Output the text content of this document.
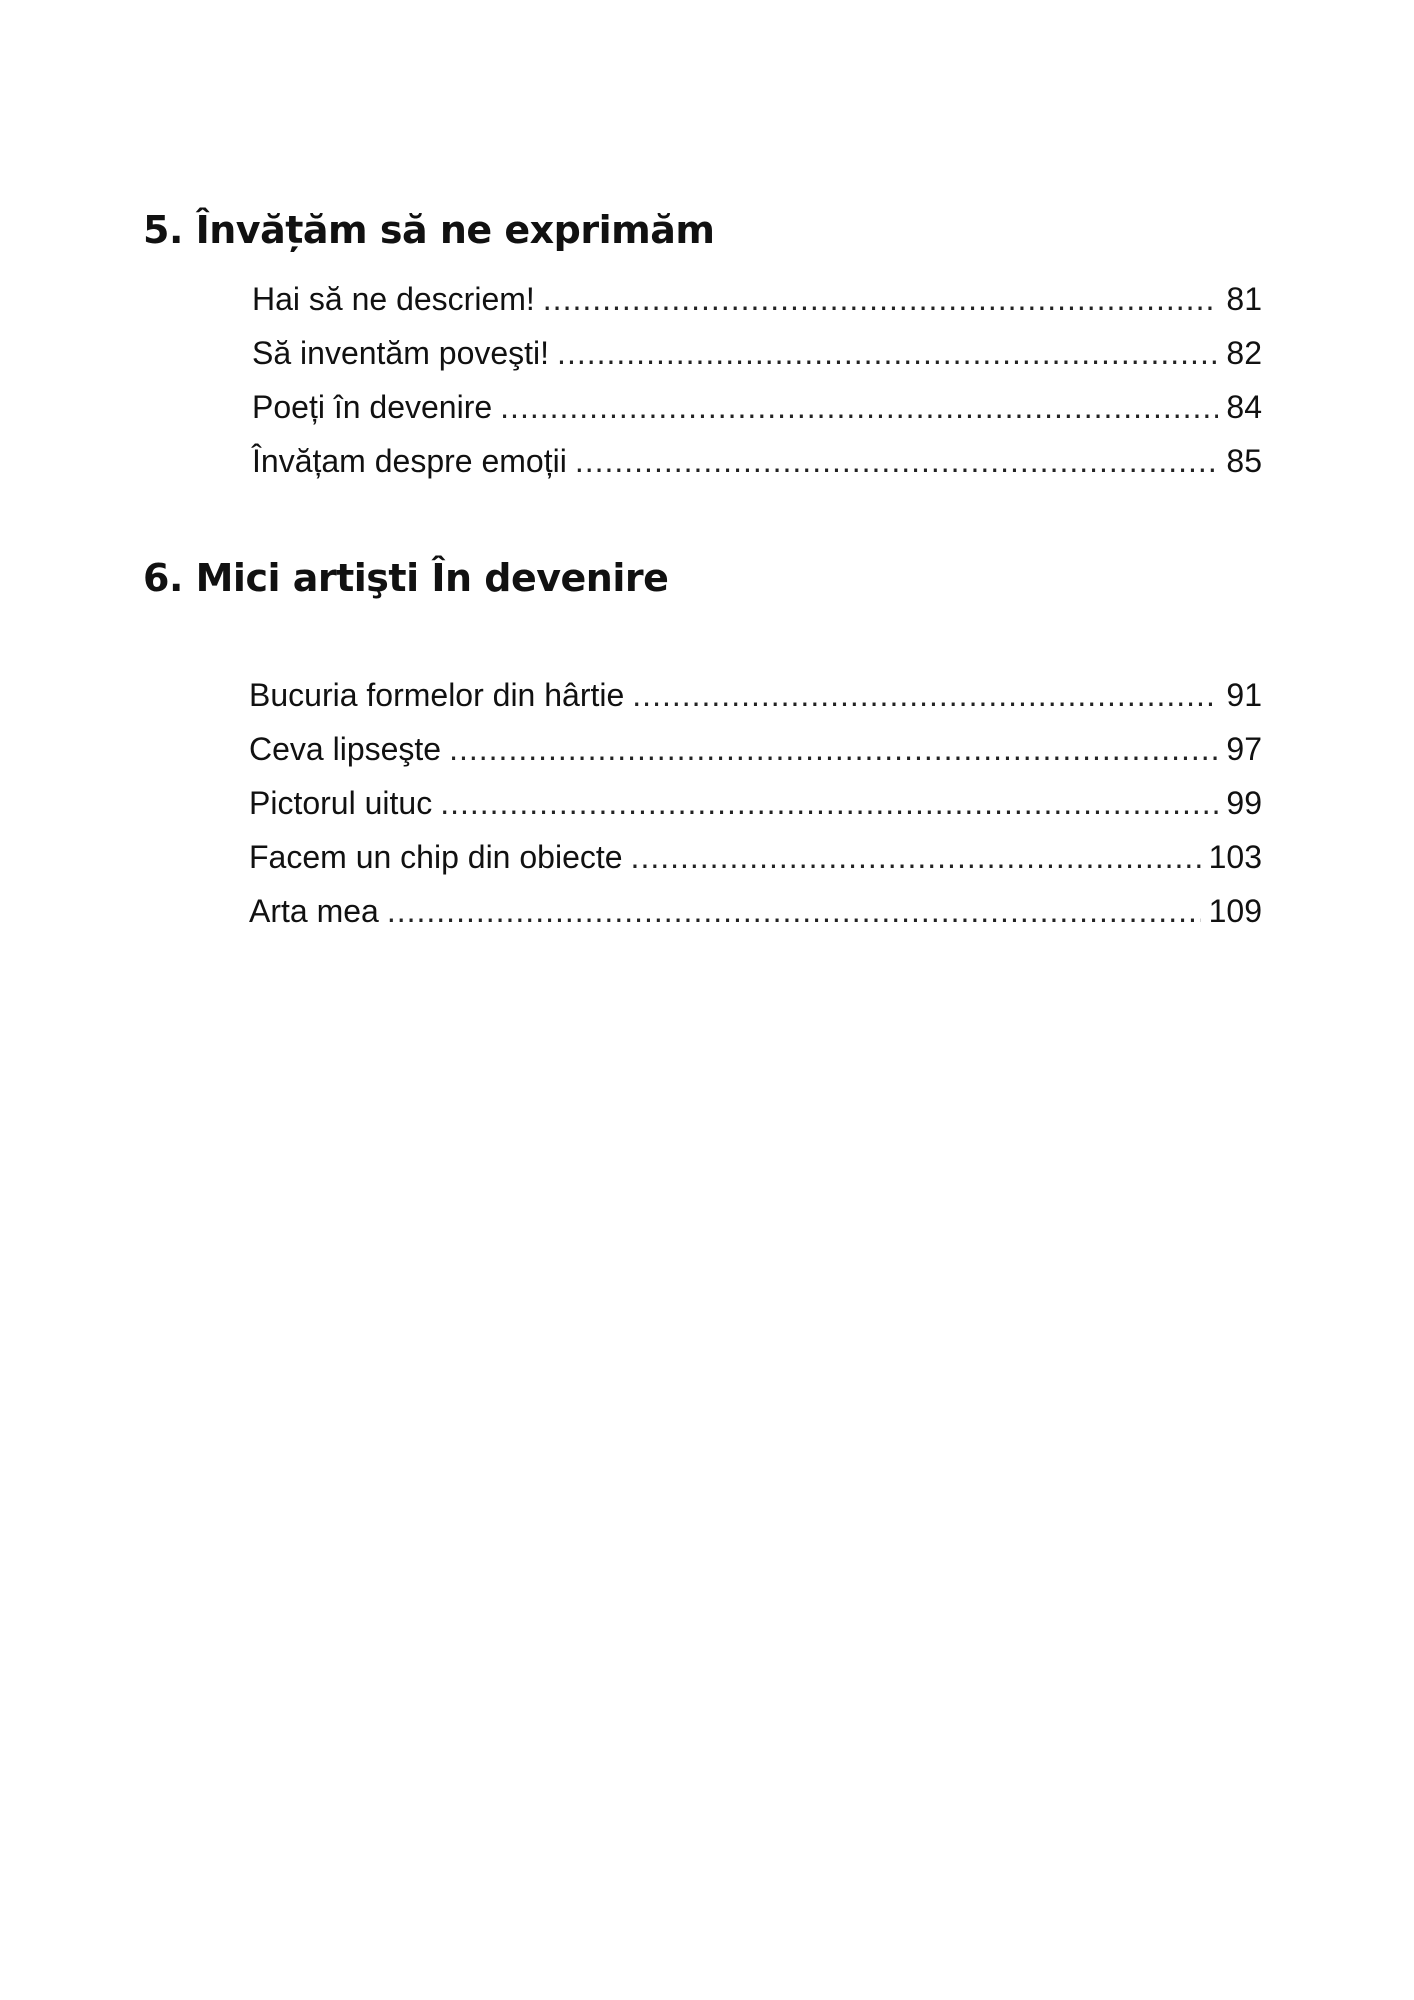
5. Învățăm să ne exprimăm
Hai să ne descriem! .....	81
Să inventăm poveşti! .....	82
Poeți în devenire .....	84
Învățam despre emoții .....	85
6. Mici artişti În devenire
Bucuria formelor din hârtie .....	91
Ceva lipseşte .....	97
Pictorul uituc .....	99
Facem un chip din obiecte .....	103
Arta mea .....	109
